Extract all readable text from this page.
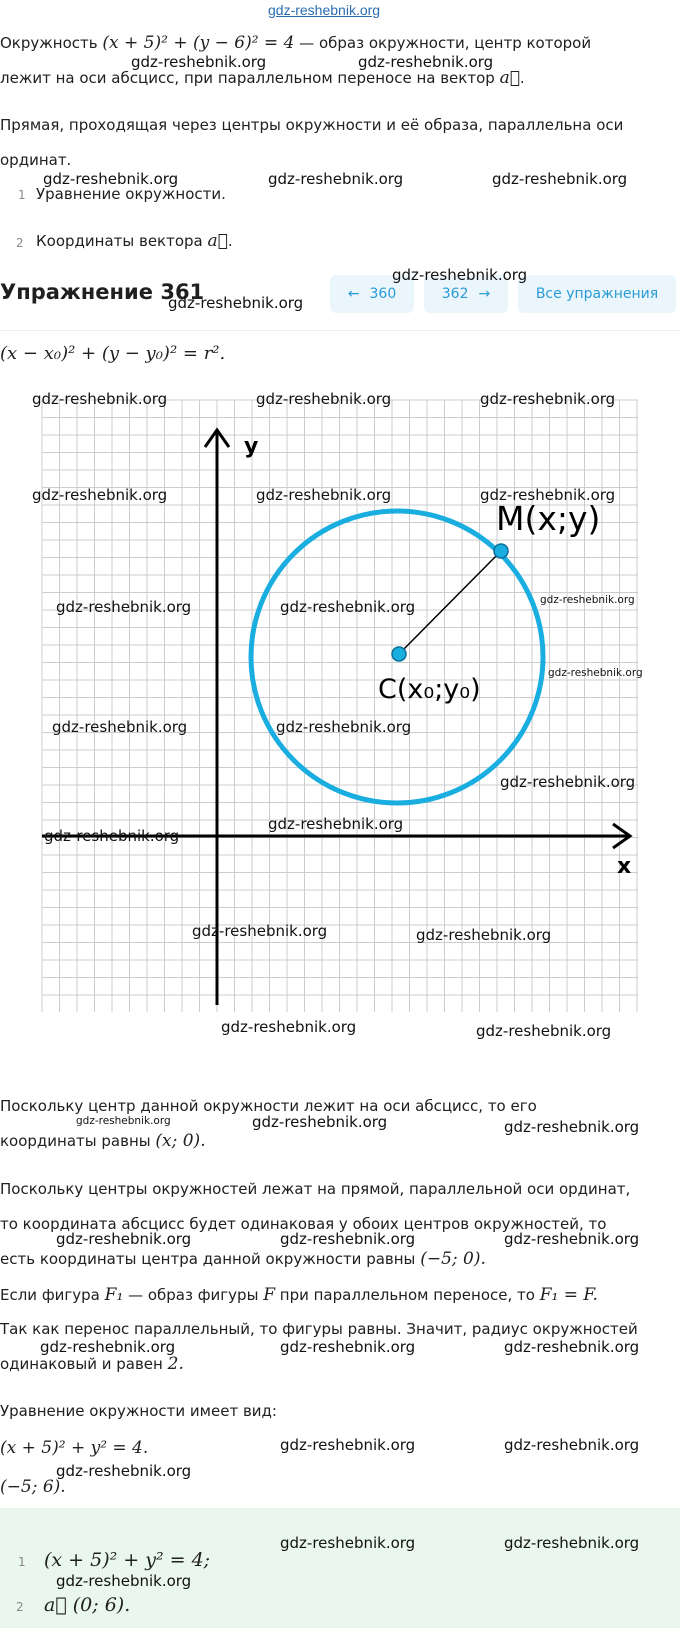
gdz-reshebnik.org
Окружность (x + 5)² + (y − 6)² = 4 — образ окружности, центр которой
лежит на оси абсцисс, при параллельном переносе на вектор a⃗.
Прямая, проходящая через центры окружности и её образа, параллельна оси
ординат.
1 Уравнение окружности.
2 Координаты вектора a⃗.
Упражнение 361	← 360	362 →	Все упражнения
(x − x₀)² + (y − y₀)² = r².
y
x
M(x;y)
C(x₀;y₀)
Поскольку центр данной окружности лежит на оси абсцисс, то его
координаты равны (x; 0).
Поскольку центры окружностей лежат на прямой, параллельной оси ординат,
то координата абсцисс будет одинаковая у обоих центров окружностей, то
есть координаты центра данной окружности равны (−5; 0).
Если фигура F₁ — образ фигуры F при параллельном переносе, то F₁ = F.
Так как перенос параллельный, то фигуры равны. Значит, радиус окружностей
одинаковый и равен 2.
Уравнение окружности имеет вид:
(x + 5)² + y² = 4.
(−5; 6).
1 (x + 5)² + y² = 4;
2 a⃗ (0; 6).
gdz-reshebnik.org	gdz-reshebnik.org
gdz-reshebnik.org	gdz-reshebnik.org	gdz-reshebnik.org
gdz-reshebnik.org
gdz-reshebnik.org
gdz-reshebnik.org	gdz-reshebnik.org	gdz-reshebnik.org
gdz-reshebnik.org	gdz-reshebnik.org	gdz-reshebnik.org
gdz-reshebnik.org	gdz-reshebnik.org	gdz-reshebnik.org
gdz-reshebnik.org
gdz-reshebnik.org	gdz-reshebnik.org
gdz-reshebnik.org
gdz-reshebnik.org
gdz-reshebnik.org
gdz-reshebnik.org	gdz-reshebnik.org
gdz-reshebnik.org	gdz-reshebnik.org
gdz-reshebnik.org	gdz-reshebnik.org	gdz-reshebnik.org
gdz-reshebnik.org	gdz-reshebnik.org	gdz-reshebnik.org
gdz-reshebnik.org	gdz-reshebnik.org	gdz-reshebnik.org
gdz-reshebnik.org	gdz-reshebnik.org
gdz-reshebnik.org
gdz-reshebnik.org	gdz-reshebnik.org
gdz-reshebnik.org
